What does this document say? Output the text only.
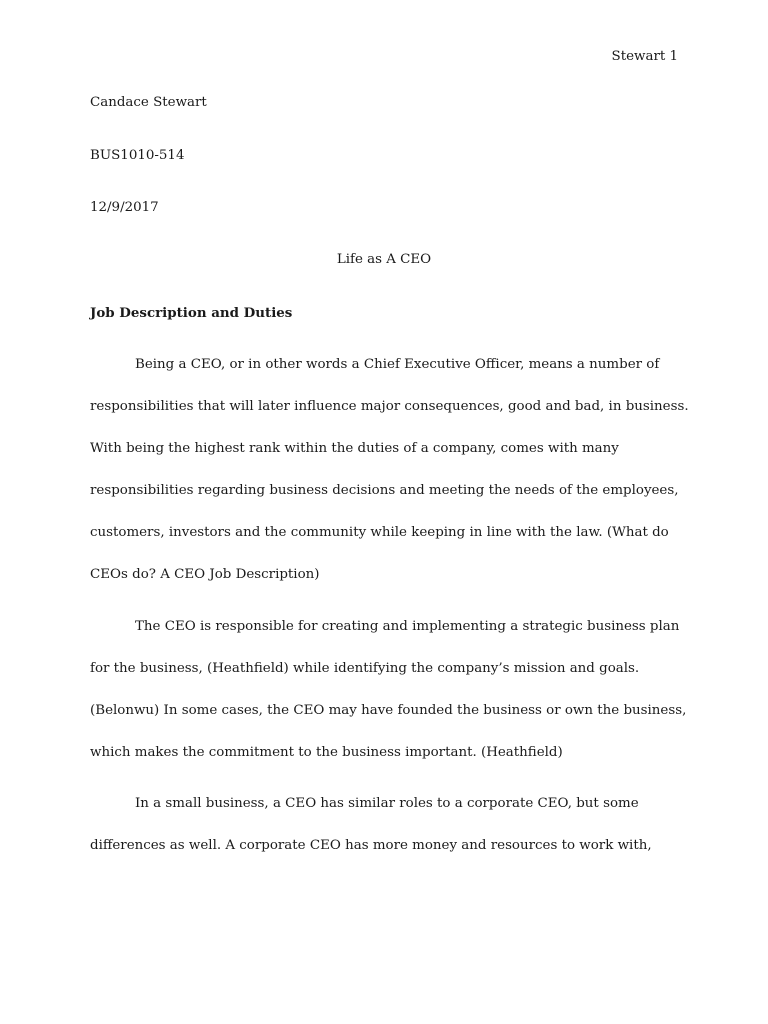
Stewart 1
Candace Stewart
BUS1010-514
12/9/2017
Life as A CEO
Job Description and Duties
Being a CEO, or in other words a Chief Executive Officer, means a number of
responsibilities that will later influence major consequences, good and bad, in business.
With being the highest rank within the duties of a company, comes with many
responsibilities regarding business decisions and meeting the needs of the employees,
customers, investors and the community while keeping in line with the law. (What do
CEOs do? A CEO Job Description)
The CEO is responsible for creating and implementing a strategic business plan
for the business, (Heathfield) while identifying the company’s mission and goals.
(Belonwu) In some cases, the CEO may have founded the business or own the business,
which makes the commitment to the business important. (Heathfield)
In a small business, a CEO has similar roles to a corporate CEO, but some
differences as well. A corporate CEO has more money and resources to work with,
